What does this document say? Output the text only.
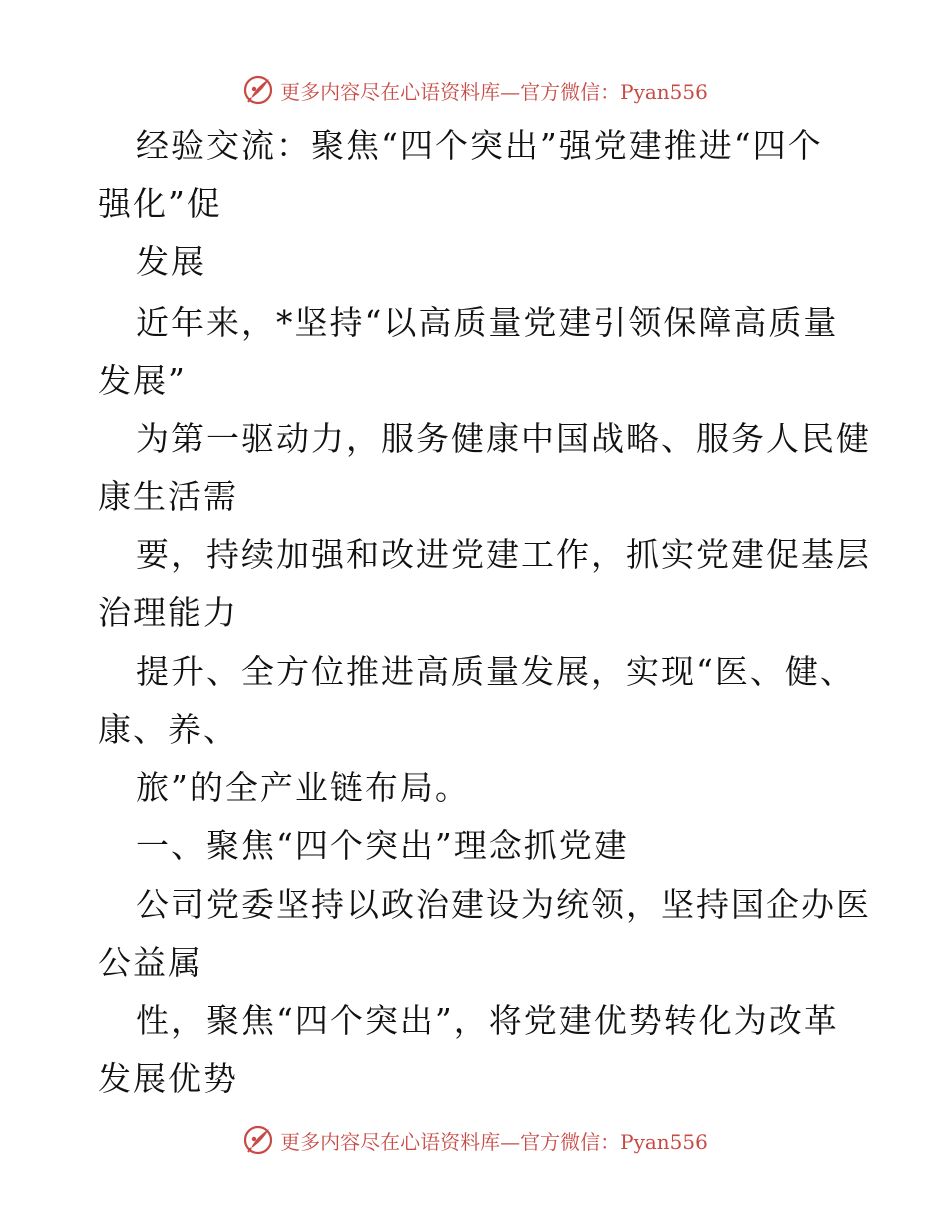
更多内容尽在心语资料库—官方微信：Pyan556
经验交流：聚焦“四个突出”强党建推进“四个
强化”促
发展
近年来，*坚持“以高质量党建引领保障高质量
发展”
为第一驱动力，服务健康中国战略、服务人民健
康生活需
要，持续加强和改进党建工作，抓实党建促基层
治理能力
提升、全方位推进高质量发展，实现“医、健、
康、养、
旅”的全产业链布局。
一、聚焦“四个突出”理念抓党建
公司党委坚持以政治建设为统领，坚持国企办医
公益属
性，聚焦“四个突出”，将党建优势转化为改革
发展优势
更多内容尽在心语资料库—官方微信：Pyan556
